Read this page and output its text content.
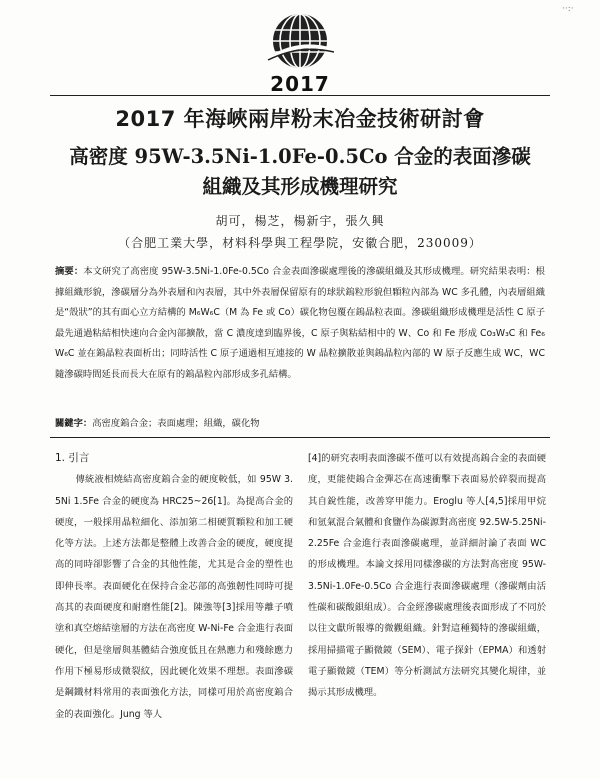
··:·
2017
2017 年海峽兩岸粉末冶金技術研討會
高密度 95W-3.5Ni-1.0Fe-0.5Co 合金的表面滲碳
組織及其形成機理研究
胡可，楊芝，楊新宇，張久興
（合肥工業大學，材料科學與工程學院，安徽合肥，230009）
摘要：本文研究了高密度 95W-3.5Ni-1.0Fe-0.5Co 合金表面滲碳處理後的滲碳組織及其形成機理。研究結果表明：根據組織形貌，滲碳層分為外表層和內表層，其中外表層保留原有的球狀鎢粒形貌但顆粒內部為 WC 多孔體，內表層組織是“殼狀”的其有面心立方結構的 M₆W₆C（M 為 Fe 或 Co）碳化物包覆在鎢晶粒表面。滲碳組織形成機理是活性 C 原子最先通過粘結相快速向合金內部擴散，當 C 濃度達到臨界後，C 原子與粘結相中的 W、Co 和 Fe 形成 Co₃W₃C 和 Fe₆W₆C 並在鎢晶粒表面析出；同時活性 C 原子通過相互連接的 W 晶粒擴散並與鎢晶粒內部的 W 原子反應生成 WC，WC 隨滲碳時間延長而長大在原有的鎢晶粒內部形成多孔結構。
關鍵字：高密度鎢合金；表面處理；組織，碳化物
1. 引言
傳統液相燒結高密度鎢合金的硬度較低，如 95W 3.5Ni 1.5Fe 合金的硬度為 HRC25~26[1]。為提高合金的硬度，一般採用晶粒細化、添加第二相硬質顆粒和加工硬化等方法。上述方法都是整體上改善合金的硬度，硬度提高的同時卻影響了合金的其他性能，尤其是合金的塑性也即伸長率。表面硬化在保持合金芯部的高強韌性同時可提高其的表面硬度和耐磨性能[2]。陳強等[3]採用等離子噴塗和真空熔結塗層的方法在高密度 W-Ni-Fe 合金進行表面硬化，但是塗層與基體結合強度低且在熱應力和殘餘應力作用下極易形成微裂紋，因此硬化效果不理想。表面滲碳是鋼鐵材料常用的表面強化方法，同樣可用於高密度鎢合金的表面強化。Jung 等人
[4]的研究表明表面滲碳不僅可以有效提高鎢合金的表面硬度，更能使鎢合金彈芯在高速衝擊下表面易於碎裂而提高其自銳性能，改善穿甲能力。Eroglu 等人[4,5]採用甲烷和氫氣混合氣體和食鹽作為碳源對高密度 92.5W-5.25Ni-2.25Fe 合金進行表面滲碳處理，並詳細討論了表面 WC 的形成機理。本論文採用同樣滲碳的方法對高密度 95W-3.5Ni-1.0Fe-0.5Co 合金進行表面滲碳處理（滲碳劑由活性碳和碳酸鋇組成）。合金經滲碳處理後表面形成了不同於以往文獻所報導的微觀組織。針對這種獨特的滲碳組織，採用掃描電子顯微鏡（SEM）、電子探針（EPMA）和透射電子顯微鏡（TEM）等分析測試方法研究其變化規律，並揭示其形成機理。
